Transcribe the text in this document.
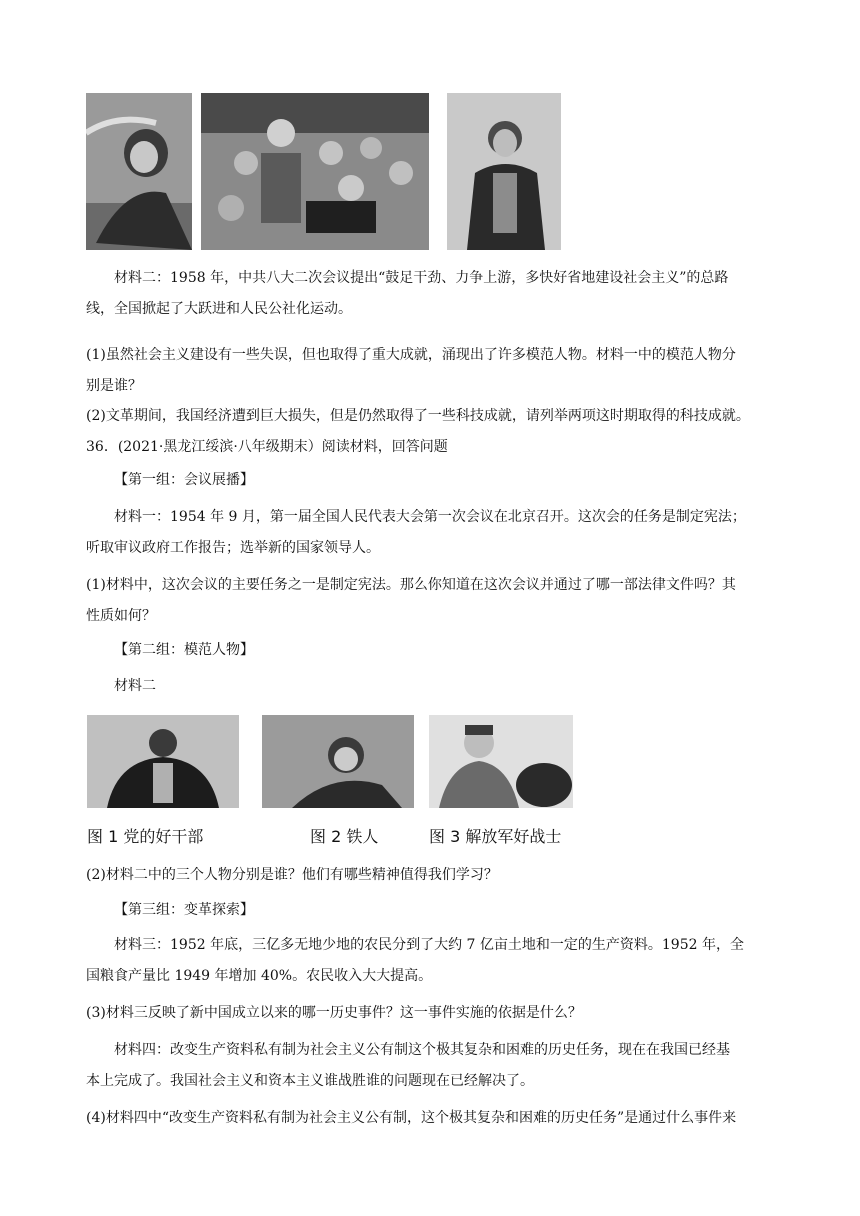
材料二：1958 年，中共八大二次会议提出“鼓足干劲、力争上游，多快好省地建设社会主义”的总路
线，全国掀起了大跃进和人民公社化运动。
(1)虽然社会主义建设有一些失误，但也取得了重大成就，涌现出了许多模范人物。材料一中的模范人物分
别是谁？
(2)文革期间，我国经济遭到巨大损失，但是仍然取得了一些科技成就，请列举两项这时期取得的科技成就。
36．(2021·黑龙江绥滨·八年级期末）阅读材料，回答问题
【第一组：会议展播】
材料一：1954 年 9 月，第一届全国人民代表大会第一次会议在北京召开。这次会的任务是制定宪法；
听取审议政府工作报告；选举新的国家领导人。
(1)材料中，这次会议的主要任务之一是制定宪法。那么你知道在这次会议并通过了哪一部法律文件吗？其
性质如何？
【第二组：模范人物】
材料二
图 1 党的好干部	图 2 铁人	图 3 解放军好战士
(2)材料二中的三个人物分别是谁？他们有哪些精神值得我们学习？
【第三组：变革探索】
材料三：1952 年底，三亿多无地少地的农民分到了大约 7 亿亩土地和一定的生产资料。1952 年，全
国粮食产量比 1949 年增加 40%。农民收入大大提高。
(3)材料三反映了新中国成立以来的哪一历史事件？这一事件实施的依据是什么？
材料四：改变生产资料私有制为社会主义公有制这个极其复杂和困难的历史任务，现在在我国已经基
本上完成了。我国社会主义和资本主义谁战胜谁的问题现在已经解决了。
(4)材料四中“改变生产资料私有制为社会主义公有制，这个极其复杂和困难的历史任务”是通过什么事件来
